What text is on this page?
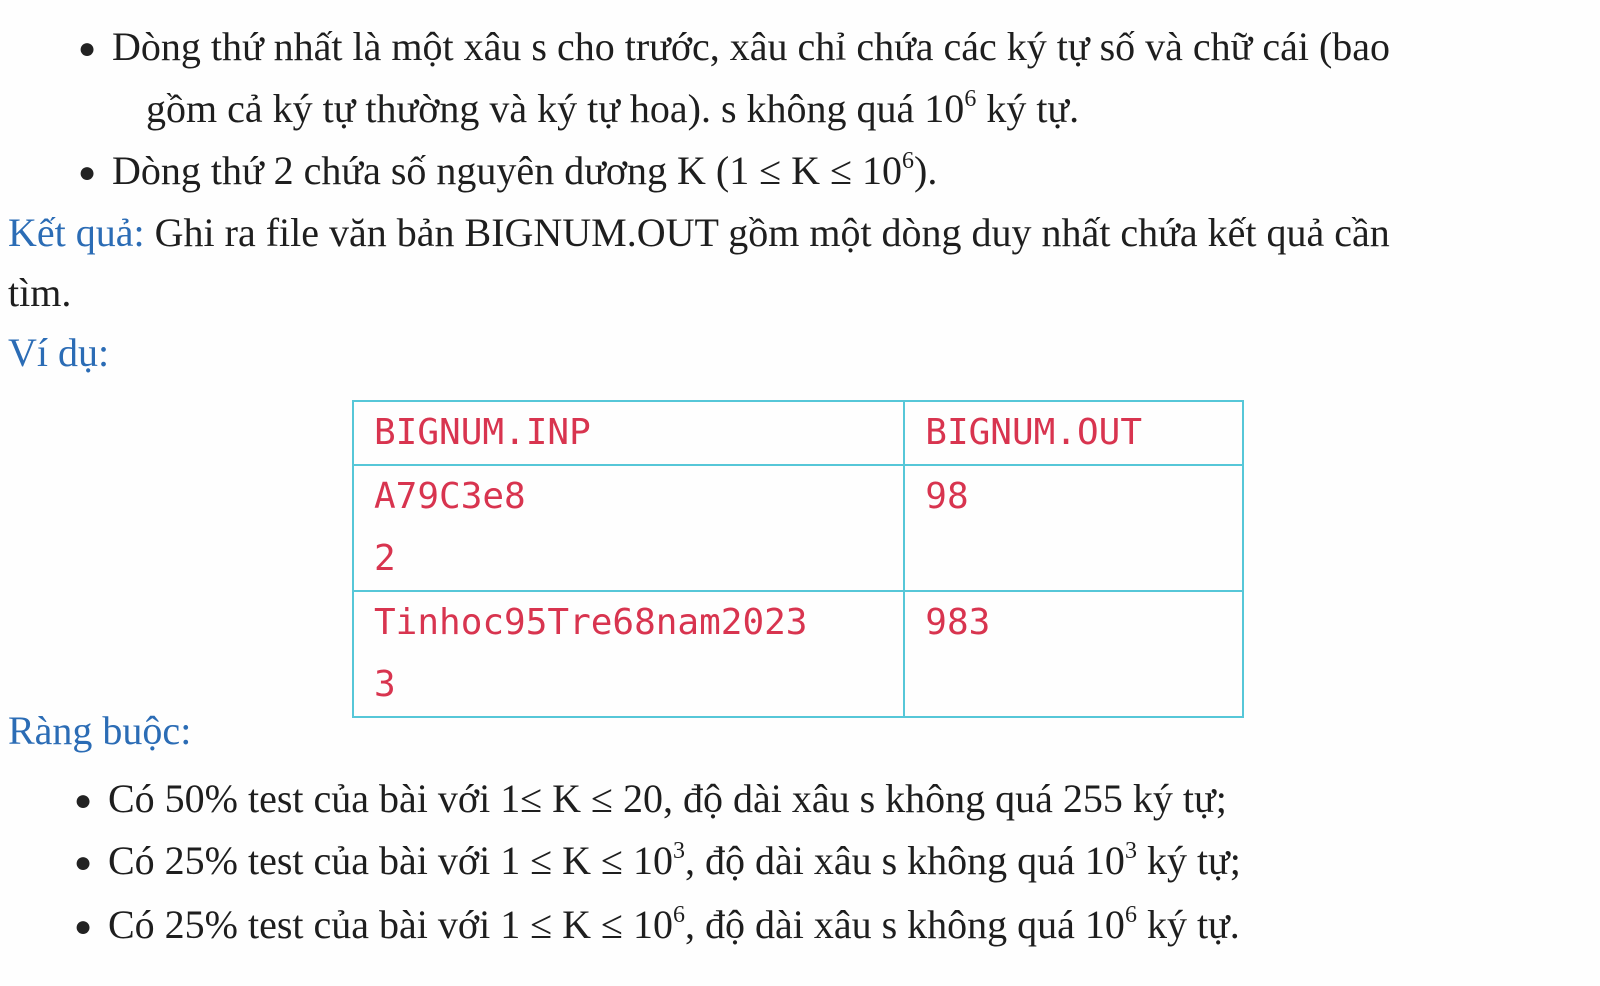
● Dòng thứ nhất là một xâu s cho trước, xâu chỉ chứa các ký tự số và chữ cái (bao
gồm cả ký tự thường và ký tự hoa). s không quá $10^6$ ký tự.
● Dòng thứ 2 chứa số nguyên dương K $(1 \le K \le 10^6)$.
Kết quả: Ghi ra file văn bản BIGNUM.OUT gồm một dòng duy nhất chứa kết quả cần
tìm.
Ví dụ:
BIGNUM.INP	BIGNUM.OUT

A79C3e8
2	98

Tinhoc95Tre68nam2023
3	983
Ràng buộc:
● Có 50% test của bài với 1≤ K ≤ 20, độ dài xâu s không quá 255 ký tự;
● Có 25% test của bài với $1 \le K \le 10^3$, độ dài xâu s không quá $10^3$ ký tự;
● Có 25% test của bài với $1 \le K \le 10^6$, độ dài xâu s không quá $10^6$ ký tự.
